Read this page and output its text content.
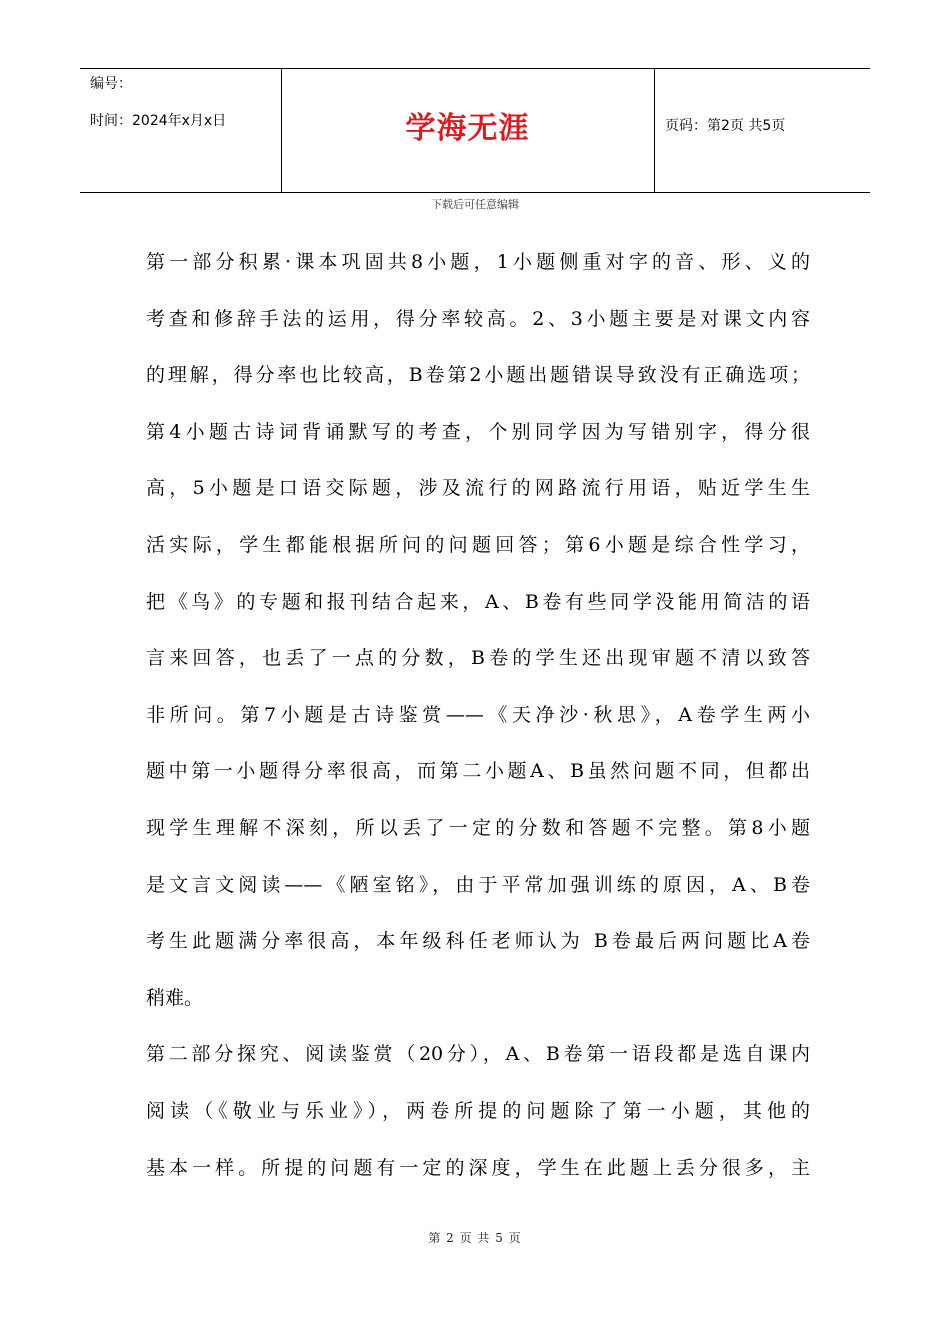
编号：
时间：2024年x月x日	学海无涯	页码：第2页 共5页
下载后可任意编辑
第一部分积累·课本巩固共8小题，1小题侧重对字的音、形、义的
考查和修辞手法的运用，得分率较高。2、3小题主要是对课文内容
的理解，得分率也比较高，B卷第2小题出题错误导致没有正确选项；
第4小题古诗词背诵默写的考查，个别同学因为写错别字，得分很
高，5小题是口语交际题，涉及流行的网路流行用语，贴近学生生
活实际，学生都能根据所问的问题回答；第6小题是综合性学习，
把《鸟》的专题和报刊结合起来，A、B卷有些同学没能用简洁的语
言来回答，也丢了一点的分数，B卷的学生还出现审题不清以致答
非所问。第7小题是古诗鉴赏——《天净沙·秋思》，A卷学生两小
题中第一小题得分率很高，而第二小题A、B虽然问题不同，但都出
现学生理解不深刻，所以丢了一定的分数和答题不完整。第8小题
是文言文阅读——《陋室铭》，由于平常加强训练的原因，A、B卷
考生此题满分率很高，本年级科任老师认为 B卷最后两问题比A卷
稍难。
第二部分探究、阅读鉴赏（20分），A、B卷第一语段都是选自课内
阅读（《敬业与乐业》），两卷所提的问题除了第一小题，其他的
基本一样。所提的问题有一定的深度，学生在此题上丢分很多，主
第 2 页 共 5 页
